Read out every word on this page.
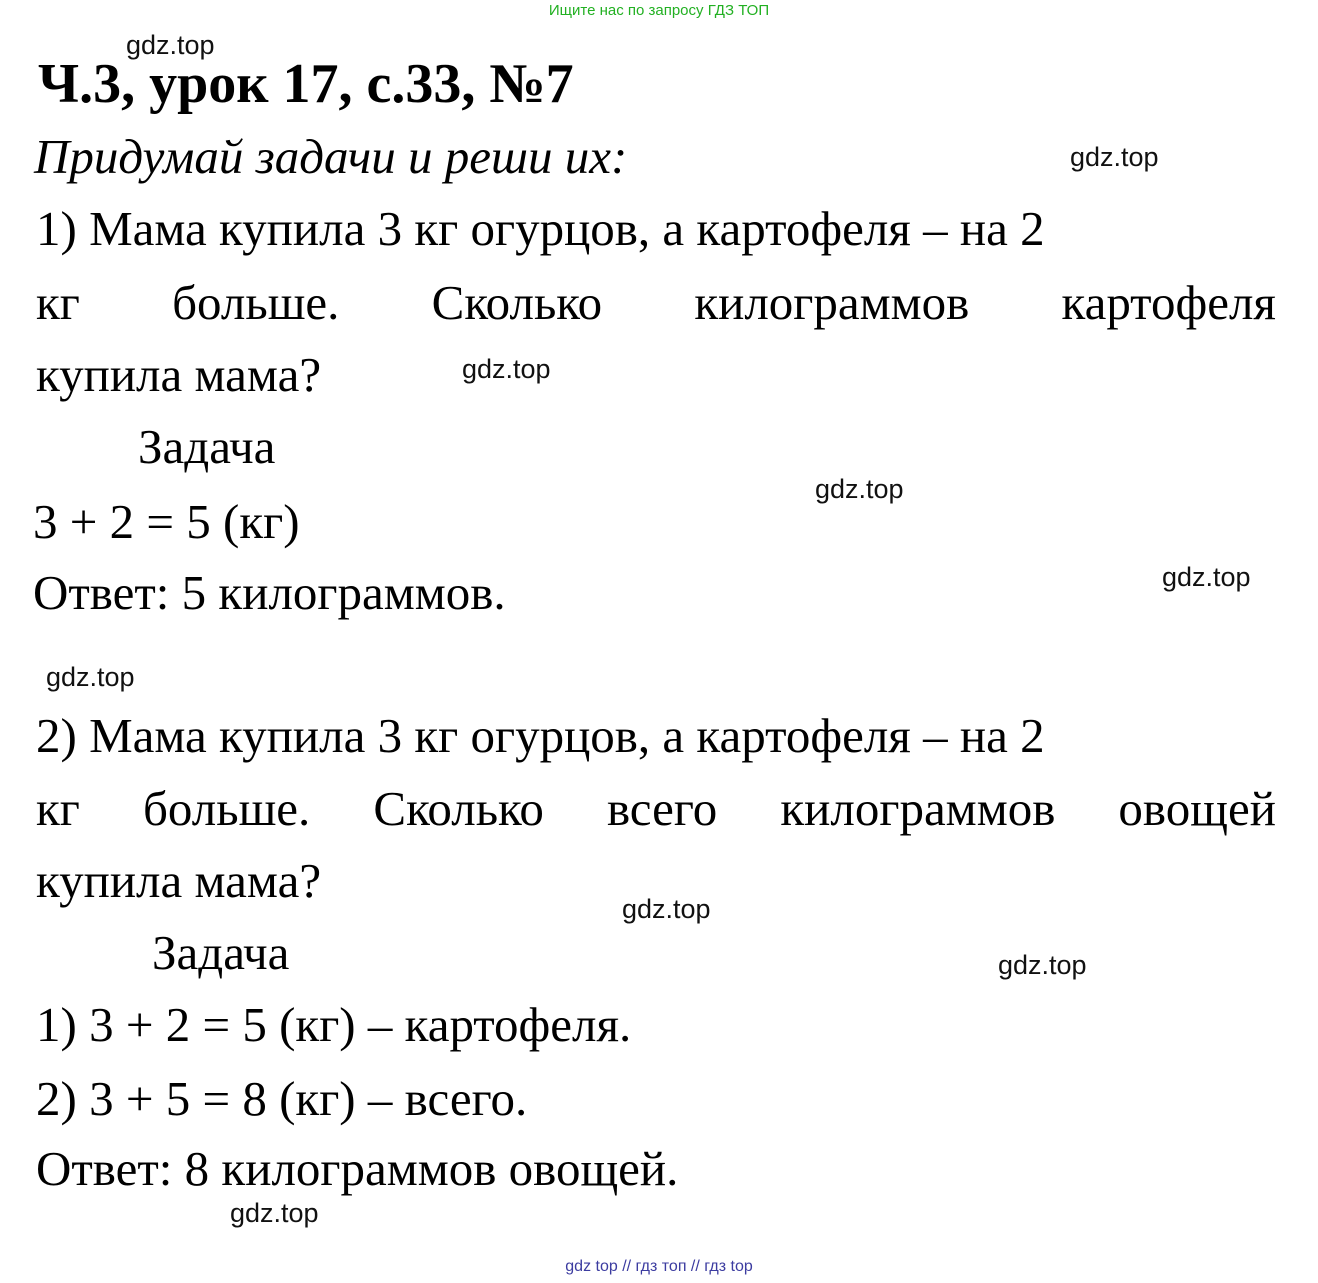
Ищите нас по запросу ГДЗ ТОП
Ч.3, урок 17, с.33, №7
Придумай задачи и реши их:
1) Мама купила 3 кг огурцов, а картофеля – на 2
кг больше. Сколько килограммов картофеля
купила мама?
Задача
3 + 2 = 5 (кг)
Ответ: 5 килограммов.
2) Мама купила 3 кг огурцов, а картофеля – на 2
кг больше. Сколько всего килограммов овощей
купила мама?
Задача
1) 3 + 2 = 5 (кг) – картофеля.
2) 3 + 5 = 8 (кг) – всего.
Ответ: 8 килограммов овощей.
gdz.top
gdz.top
gdz.top
gdz.top
gdz.top
gdz.top
gdz.top
gdz.top
gdz.top
gdz top // гдз топ // гдз top
